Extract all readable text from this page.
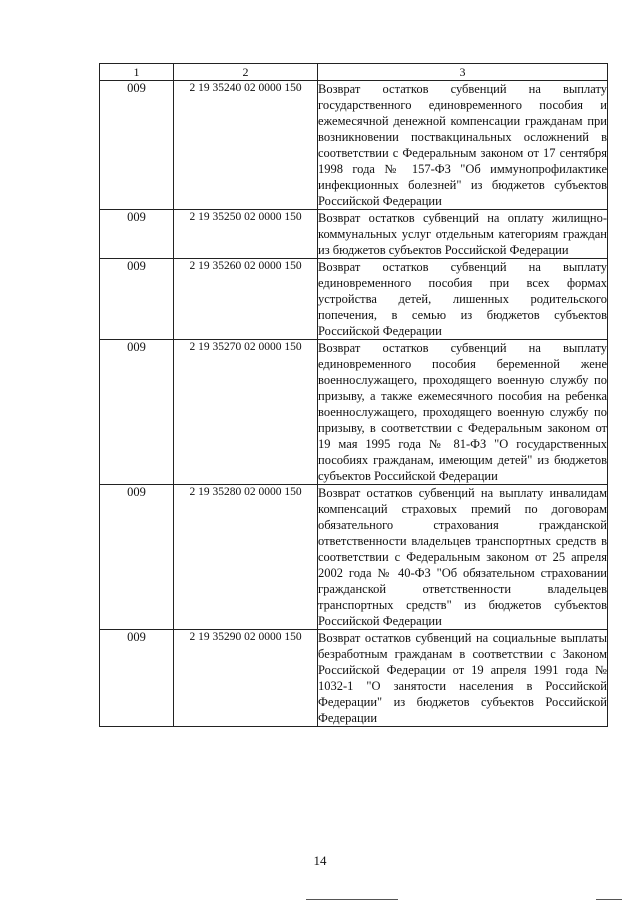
1	2	3
009	2 19 35240 02 0000 150	Возврат остатков субвенций на выплату государственного единовременного пособия и ежемесячной денежной компенсации гражданам при возникновении поствакцинальных осложнений в соответствии с Федеральным законом от 17 сентября 1998 года № 157-ФЗ "Об иммунопрофилактике инфекционных болезней" из бюджетов субъектов Российской Федерации
009	2 19 35250 02 0000 150	Возврат остатков субвенций на оплату жилищно-коммунальных услуг отдельным категориям граждан из бюджетов субъектов Российской Федерации
009	2 19 35260 02 0000 150	Возврат остатков субвенций на выплату единовременного пособия при всех формах устройства детей, лишенных родительского попечения, в семью из бюджетов субъектов Российской Федерации
009	2 19 35270 02 0000 150	Возврат остатков субвенций на выплату единовременного пособия беременной жене военнослужащего, проходящего военную службу по призыву, а также ежемесячного пособия на ребенка военнослужащего, проходящего военную службу по призыву, в соответствии с Федеральным законом от 19 мая 1995 года № 81-ФЗ "О государственных пособиях гражданам, имеющим детей" из бюджетов субъектов Российской Федерации
009	2 19 35280 02 0000 150	Возврат остатков субвенций на выплату инвалидам компенсаций страховых премий по договорам обязательного страхования гражданской ответственности владельцев транспортных средств в соответствии с Федеральным законом от 25 апреля 2002 года № 40-ФЗ "Об обязательном страховании гражданской ответственности владельцев транспортных средств" из бюджетов субъектов Российской Федерации
009	2 19 35290 02 0000 150	Возврат остатков субвенций на социальные выплаты безработным гражданам в соответствии с Законом Российской Федерации от 19 апреля 1991 года № 1032-1 "О занятости населения в Российской Федерации" из бюджетов субъектов Российской Федерации
14
